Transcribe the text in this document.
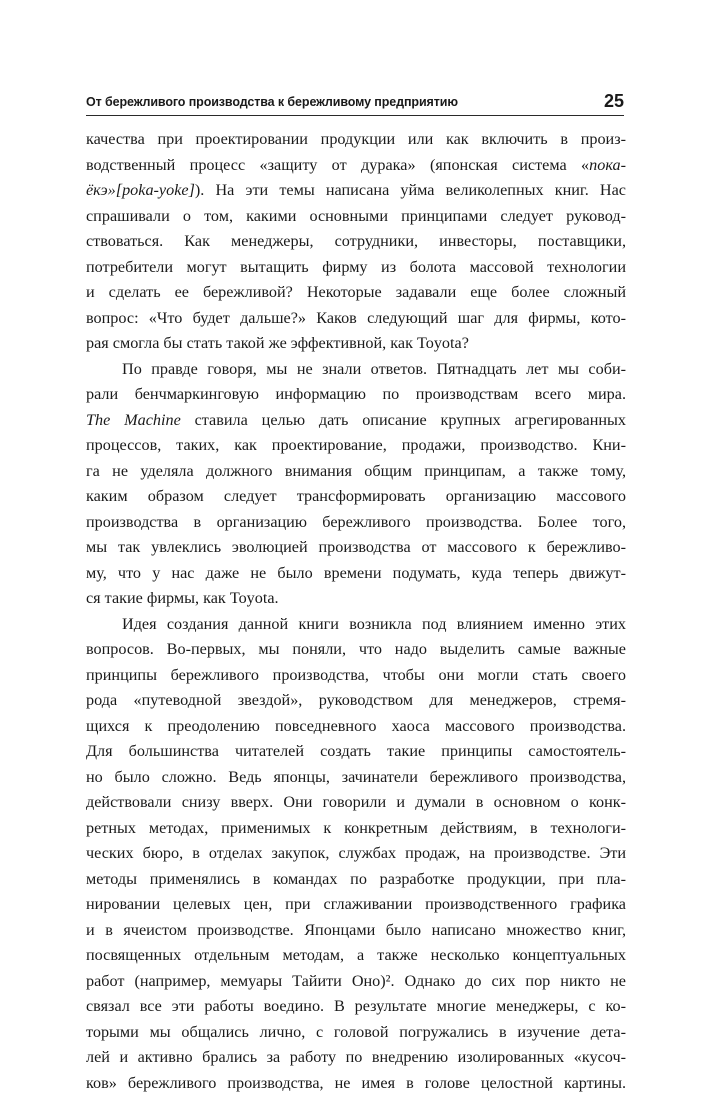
От бережливого производства к бережливому предприятию	25
качества при проектировании продукции или как включить в произ-
водственный процесс «защиту от дурака» (японская система «пока-
ёкэ»[poka-yoke]). На эти темы написана уйма великолепных книг. Нас
спрашивали о том, какими основными принципами следует руковод-
ствоваться. Как менеджеры, сотрудники, инвесторы, поставщики,
потребители могут вытащить фирму из болота массовой технологии
и сделать ее бережливой? Некоторые задавали еще более сложный
вопрос: «Что будет дальше?» Каков следующий шаг для фирмы, кото-
рая смогла бы стать такой же эффективной, как Toyota?
По правде говоря, мы не знали ответов. Пятнадцать лет мы соби-
рали бенчмаркинговую информацию по производствам всего мира.
The Machine ставила целью дать описание крупных агрегированных
процессов, таких, как проектирование, продажи, производство. Кни-
га не уделяла должного внимания общим принципам, а также тому,
каким образом следует трансформировать организацию массового
производства в организацию бережливого производства. Более того,
мы так увлеклись эволюцией производства от массового к бережливо-
му, что у нас даже не было времени подумать, куда теперь движут-
ся такие фирмы, как Toyota.
Идея создания данной книги возникла под влиянием именно этих
вопросов. Во-первых, мы поняли, что надо выделить самые важные
принципы бережливого производства, чтобы они могли стать своего
рода «путеводной звездой», руководством для менеджеров, стремя-
щихся к преодолению повседневного хаоса массового производства.
Для большинства читателей создать такие принципы самостоятель-
но было сложно. Ведь японцы, зачинатели бережливого производства,
действовали снизу вверх. Они говорили и думали в основном о конк-
ретных методах, применимых к конкретным действиям, в технологи-
ческих бюро, в отделах закупок, службах продаж, на производстве. Эти
методы применялись в командах по разработке продукции, при пла-
нировании целевых цен, при сглаживании производственного графика
и в ячеистом производстве. Японцами было написано множество книг,
посвященных отдельным методам, а также несколько концептуальных
работ (например, мемуары Тайити Оно)². Однако до сих пор никто не
связал все эти работы воедино. В результате многие менеджеры, с ко-
торыми мы общались лично, с головой погружались в изучение дета-
лей и активно брались за работу по внедрению изолированных «кусоч-
ков» бережливого производства, не имея в голове целостной картины.
